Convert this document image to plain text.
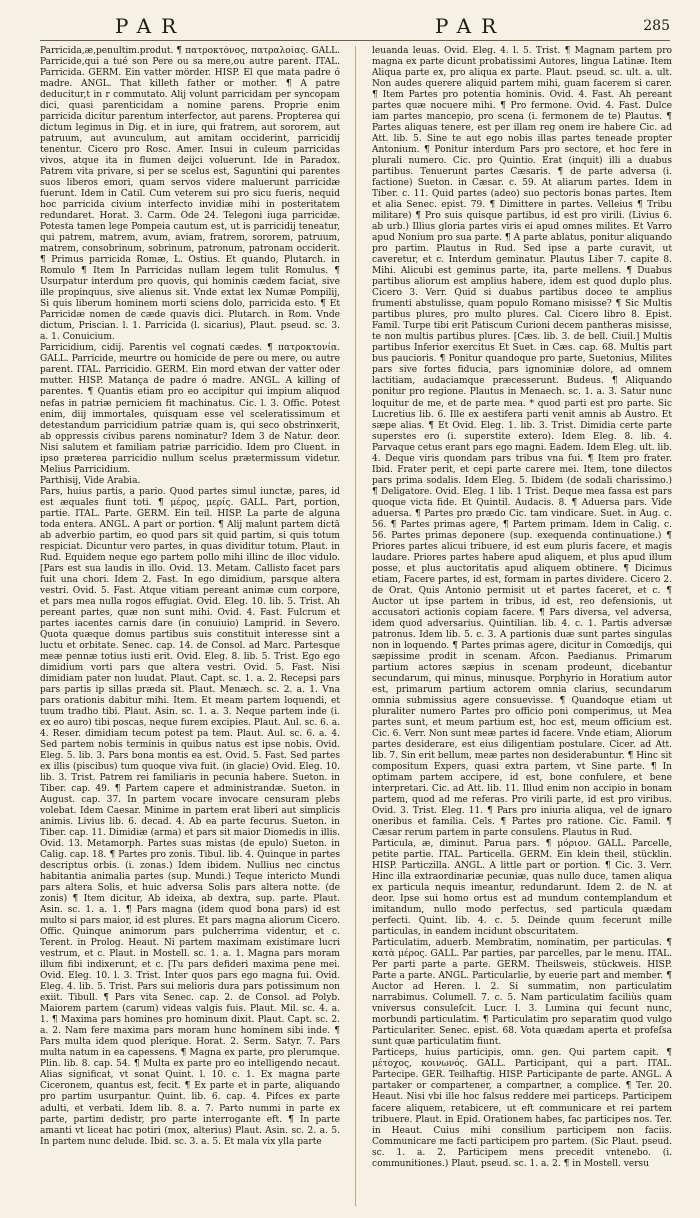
PAR	PAR	285

Parricida,æ,penultim.produt. ¶ πατροκτόνος, πατραλοίας. GALL. Parricide,qui a tué son Pere ou sa mere,ou autre parent. ITAL. Parricida. GERM. Ein vatter mörder. HISP. El que mata padre ó madre. ANGL. That killeth father or mother. ¶ A patre deducitur,t in r commutato. Alij volunt parricidam per syncopam dici, quasi parenticidam a nomine parens. Proprie enim parricida dicitur parentum interfector, aut parens. Propterea qui dictum legimus in Dig. et in iure, qui fratrem, aut sororem, aut patruum, aut avunculum, aut amitam occiderint, parricidij tenentur. Cicero pro Rosc. Amer. Insui in culeum parricidas vivos, atque ita in flumen deijci voluerunt. Ide in Paradox. Patrem vita privare, si per se scelus est, Saguntini qui parentes suos liberos emori, quam servos videre maluerunt parricidæ fuerunt. Idem in Catil. Cum veterem sui pro sicu fueris, nequid hoc parricida civium interfecto invidiæ mihi in posteritatem redundaret. Horat. 3. Carm. Ode 24. Telegoni iuga parricidæ. Potesta tamen lege Pompeia cautum est, ut is parricidij teneatur, qui patrem, matrem, avum, aviam, fratrem, sororem, patruum, matrem, consobrinum, sobrinum, patronum, patronam occiderit. ¶ Primus parricida Romæ, L. Ostius. Et quando, Plutarch. in Romulo ¶ Item In Parricidas nullam legem tulit Romulus. ¶ Usurpatur interdum pro quovis, qui hominis cædem faciat, sive ille propinquus, sive alienus sit. Vnde extat lex Numæ Pompilij, Si quis liberum hominem morti sciens dolo, parricida esto. ¶ Et Parricidæ nomen de cæde quavis dici. Plutarch. in Rom. Vnde dictum, Priscian. l. 1. Parricida (l. sicarius), Plaut. pseud. sc. 3. a. 1. Conuicium.

Parricidium, cidij. Parentis vel cognati cædes. ¶ πατροκτονία. GALL. Parricide, meurtre ou homicide de pere ou mere, ou autre parent. ITAL. Parricidio. GERM. Ein mord etwan der vatter oder mutter. HISP. Matança de padre ó madre. ANGL. A killing of parentes. ¶ Quantis etiam pro eo accipitur qui impium aliquod nefas in patriæ perniciem fit machinatus. Cic. l. 3. Offic. Potest enim, diij immortales, quisquam esse vel sceleratissimum et detestandum parricidium patriæ quam is, qui seco obstrinxerit, ab oppressis civibus parens nominatur? Idem 3 de Natur. deor. Nisi salutem et familiam patriæ parricidio. Idem pro Cluent. in ipso præterea parricidio nullum scelus prætermissum videtur. Melius Parricidium.

Parthisij, Vide Arabia.

Pars, huius partis, a pario. Quod partes simul iunctæ, pares, id est æquales fiunt toti. ¶ μέρος, μερίς. GALL. Part, portion, partie. ITAL. Parte. GERM. Ein teil. HISP. La parte de alguna toda entera. ANGL. A part or portion. ¶ Alij malunt partem dictā ab adverbio partim, eo quod pars sit quid partim, si quis totum respiciat. Dicuntur vero partes, in quas dividitur totum. Plaut. in Rud. Equidem neque ego partem pollo mihi illinc de illoc vidulo. [Pars est sua laudis in illo. Ovid. 13. Metam. Callisto facet pars fuit una chori. Idem 2. Fast. In ego dimidium, parsque altera vestri. Ovid. 5. Fast. Atque vitiam pereant animæ cum corpore, et pars mea nulla rogos effugiat. Ovid. Eleg. 10. lib. 5. Trist. Ah pereant partes, quæ non sunt mihi. Ovid. 4. Fast. Fulcrum et partes iacentes carnis dare (in conuiuio) Lamprid. in Severo. Quota quæque domus partibus suis constituit interesse sint a luctu et orbitate. Senec. cap. 14. de Consol. ad Marc. Partesque meæ pennæ totius iusti erit. Ovid. Eleg. 8. lib. 5. Trist. Ego ego dimidium vorti pars que altera vestri. Ovid. 5. Fast. Nisi dimidiam pater non luudat. Plaut. Capt. sc. 1. a. 2. Recepsi pars pars partis ip sillas præda sit. Plaut. Menæch. sc. 2. a. 1. Vna pars orationis dabitur mihi. Item. Et meam partem loquendi, et tuum tradho tibi. Plaut. Asin. sc. 1. a. 3. Neque partem inde (i. ex eo auro) tibi poscas, neque furem excipies. Plaut. Aul. sc. 6. a. 4. Reser. dimidiam tecum potest pa tem. Plaut. Aul. sc. 6. a. 4. Sed partem nobis terminis in quibus natus est ipse nobis. Ovid. Eleg. 5. lib. 3. Pars bona montis ea est. Ovid. 5. Fast. Sed partes ex illis (piscibus) tum quoque viva fuit. (in glacie) Ovid. Eleg. 10. lib. 3. Trist. Patrem rei familiaris in pecunia habere. Sueton. in Tiber. cap. 49. ¶ Partem capere et administrandæ. Sueton. in August. cap. 37. In partem vocare invocare censuram plebs volebat. Idem Caesar. Minime in partem erat liberi aut simplicis animis. Livius lib. 6. decad. 4. Ab ea parte fecurus. Sueton. in Tiber. cap. 11. Dimidiæ (arma) et pars sit maior Diomedis in illis. Ovid. 13. Metamorph. Partes suas mistas (de epulo) Sueton. in Calig. cap. 18. ¶ Partes pro zonis. Tibul. lib. 4. Quinque in partes descriptus orbis. (i. zonas.) Idem ibidem. Nullius nec cinctus habitantia animalia partes (sup. Mundi.) Teque intericto Mundi pars altera Solis, et huic adversa Solis pars altera notte. (de zonis) ¶ Item dicitur, Ab ideixa, ab dextra, sup. parte. Plaut. Asin. sc. 1. a. 1. ¶ Pars magna (idem quod bona pars) id est multo si pars maior, id est plures. Et pars magna aliorum Cicero. Offic. Quinque animorum pars pulcherrima videntur, et c. Terent. in Prolog. Heaut. Ni partem maximam existimare lucri vestrum, et c. Plaut. in Mostell. sc. 1. a. 1. Magna pars moram illum fibi indixerunt, et c. [Tu pars defideri maxima pene mei. Ovid. Eleg. 10. l. 3. Trist. Inter quos pars ego magna fui. Ovid. Eleg. 4. lib. 5. Trist. Pars sui melioris dura pars potissimum non exiit. Tibull. ¶ Pars vita Senec. cap. 2. de Consol. ad Polyb. Maiorem partem (carum) videas valgis fuis. Plaut. Mil. sc. 4. a. 1. ¶ Maxima pars homines pro hominum dixit. Plaut. Capt. sc. 2. a. 2. Nam fere maxima pars moram hunc hominem sibi inde. ¶ Pars multa idem quod plerique. Horat. 2. Serm. Satyr. 7. Pars multa natum in ea capessens. ¶ Magna ex parte, pro plerumque. Plin. lib. 8. cap. 54. ¶ Multa ex parte pro eo intelligendo necaut. Alias significat, vt sonat Quint. l. 10. c. 1. Ex magna parte Ciceronem, quantus est, fecit. ¶ Ex parte et in parte, aliquando pro partim usurpantur. Quint. lib. 6. cap. 4. Pifces ex parte adulti, et verbati. Idem lib. 8. a. 7. Parto nummi in parte ex parte, partim dedistr, pro parte interrogante eft. ¶ In parte amanti vt liceat hac potiri (mox, alterius) Plaut. Asin. sc. 2. a. 5. In partem nunc delude. Ibid. sc. 3. a. 5. Et mala vix ylla parte

leuanda leuas. Ovid. Eleg. 4. l. 5. Trist. ¶ Magnam partem pro magna ex parte dicunt probatissimi Autores, lingua Latinæ. Item Aliqua parte ex, pro aliqua ex parte. Plaut. pseud. sc. ult. a. ult. Non audes querere aliquid partem mihi, guam facerem si carer. ¶ Item Partes pro potentia hominis. Ovid. 4. Fast. Ah pereant partes quæ nocuere mihi. ¶ Pro fermone. Ovid. 4. Fast. Dulce iam partes mancepio, pro scena (i. fermonem de te) Plautus. ¶ Partes aliquas tenere, est per illam reg onem ire habere Cic. ad Att. lib. 5. Sine te aut ego nobis illas partes teneade propter Antonium. ¶ Ponitur interdum Pars pro sectore, et hoc fere in plurali numero. Cic. pro Quintio. Erat (inquit) illi a duabus partibus. Tenuerunt partes Cæsaris. ¶ de parte adversa (i. factione) Sueton. in Cæsar. c. 59. At aliarum partes. Idem in Tiber. c. 11. Quid partes (adeo) suo pectoris bonas partes. Item et alia Senec. epist. 79. ¶ Dimittere in partes. Velleius ¶ Tribu militare) ¶ Pro suis quisque partibus, id est pro virili. (Livius 6. ab urb.) Illius gloria partes viris ei apud omnes milites. Et Varro apud Nonium pro sua parte. ¶ A parte ablatus, ponitur aliquando pro partim. Plautus in Rud. Sed ipse a parte curavit, ut caveretur, et c. Interdum geminatur. Plautus Liber 7. capite 8. Mihi. Alicubi est geminus parte, ita, parte mellens. ¶ Duabus partibus aliorum est amplius habere, idem est quod duplo plus. Cicero 3. Verr. Quid si duabus partibus doceo te amplius frumenti abstulisse, quam populo Romano misisse? ¶ Sic Multis partibus plures, pro multo plures. Cal. Cicero libro 8. Epist. Famil. Turpe tibi erit Patiscum Curioni decem pantheras misisse, te non multis partibus plures. [Cæs. lib. 3. de bell. Ciuil.] Multis partibus Inferior exercitus Et Suet. in Cæs. cap. 68. Multis part bus paucioris. ¶ Ponitur quandoque pro parte, Suetonius, Milites pars sive fortes fiducia, pars ignominiæ dolore, ad omnem lactitiam, audaciamque præcesserunt. Budeus. ¶ Aliquando ponitur pro regione. Plautus in Menaech. sc. 1. a. 3. Satur nunc loquitur de me, et de parte mea. * quod parti est pro parte. Sic Lucretius lib. 6. Ille ex aestifera parti venit amnis ab Austro. Et sæpe alias. ¶ Et Ovid. Eleg. 1. lib. 3. Trist. Dimidia certe parte superstes ero (i. superstite extero). Idem Eleg. 8. lib. 4. Parvaque cetus erant pars ego magni. Eadem. Idem Eleg. ult. lib. 4. Deque viris quondam pars tribus vna fui. ¶ Item pro frater. Ibid. Frater perit, et cepi parte carere mei. Item, tone dilectos pars prima sodalis. Idem Eleg. 5. Ibidem (de sodali charissimo.) ¶ Deligatore. Ovid. Eleg. 1 lib. 1 Trist. Deque mea fassa est pars quoque victa fide. Et Quintil. Audacis. 8. ¶ Aduersa pars. Vide aduersa. ¶ Partes pro prædo Cic. tam vindicare. Suet. in Aug. c. 56. ¶ Partes primas agere, ¶ Partem primam. Idem in Calig. c. 56. Partes primas deponere (sup. exequenda continuatione.) ¶ Priores partes alicui tribuere, id est eum pluris facere, et magis laudare. Priores partes habere apud aliquem, et plus apud illum posse, et plus auctoritatis apud aliquem obtinere. ¶ Dicimus etiam, Facere partes, id est, formam in partes dividere. Cicero 2. de Orat. Quis Antonio permisit ut et partes faceret, et c. ¶ Auctor ut ipse partem in tribus, id est, reo defensionis, ut accusatori actionis copiam facere. ¶ Pars diversa, vel adversa, idem quod adversarius. Quintilian. lib. 4. c. 1. Partis adversæ patronus. Idem lib. 5. c. 3. A partionis duæ sunt partes singulas non in loquendo. ¶ Partes primas agere, dicitur in Comœdijs, qui sæpissime prodit in scenam. Afcon. Paedianus. Primarum partium actores sæpius in scenam prodeunt, dicebantur secundarum, qui minus, minusque. Porphyrio in Horatium autor est, primarum partium actorem omnia clarius, secundarum omnia submissius agere consuevisse. ¶ Quandoque etiam ut pluraliter numero Partes pro officio poni comperimus, ut Mea partes sunt, et meum partium est, hoc est, meum officium est. Cic. 6. Verr. Non sunt meæ partes id facere. Vnde etiam, Aliorum partes desiderare, est eius diligentiam postulare. Cicer. ad Att. lib. 7. Sin erit bellum, meæ partes non desiderabuntur. ¶ Hinc sit compositum Expers, quasi extra partem, vt Sine parte. ¶ In optimam partem accipere, id est, bone confulere, et bene interpretari. Cic. ad Att. lib. 11. Illud enim non accipio in bonam partem, quod ad me referas. Pro virili parte, id est pro viribus. Ovid. 3. Trist. Eleg. 11. ¶ Pars pro iniuria aliqua, vel de ignaro oneribus et familia. Cels. ¶ Partes pro ratione. Cic. Famil. ¶ Cæsar rerum partem in parte consulens. Plautus in Rud.

Particula, æ, diminut. Parua pars. ¶ μόριον. GALL. Parcelle, petite partie. ITAL. Particella. GERM. Ein klein theil, stücklin. HISP. Particzilla. ANGL. A little part or portion. ¶ Cic. 3. Verr. Hinc illa extraordinariæ pecuniæ, quas nullo duce, tamen aliqua ex particula nequis imeantur, redundarunt. Idem 2. de N. at deor. Ipse sui homo ortus est ad mundum contemplandum et imitandum, nullo modo perfectus, sed particula quædam perfecti. Quint. lib. 4. c. 5. Deinde quum fecerunt mille particulas, in eandem incidunt obscuritatem.

Particulatim, aduerb. Membratim, nominatim, per particulas. ¶ κατὰ μέρος. GALL. Par parties, par parcelles, par le menu. ITAL. Per parti parte a parte. GERM. Theilsweis, stückweis. HISP. Parte a parte. ANGL. Particularlie, by euerie part and member. ¶ Auctor ad Heren. l. 2. Si summatim, non particulatim narrabimus. Columell. 7. c. 5. Nam particulatim faciliùs quam vniversus consuleſcit. Lucr. l. 3. Lumina qui fecunt nunc, morbundi particulatim. ¶ Particulatim pro separatim quod vulgo Particulariter. Senec. epist. 68. Vota quædam aperta et profeſsa sunt quæ particulatim fiunt.

Particeps, huius participis, omn. gen. Qui partem capit. ¶ μέτοχος, κοινωνός. GALL. Participant, qui a part. ITAL. Partecipe. GER. Teilhaftig. HISP. Participante de parte. ANGL. A partaker or compartener, a compartner, a complice. ¶ Ter. 20. Heaut. Nisi vbi ille hoc falsus reddere mei particeps. Participem facere aliquem, retabicere, ut eft communicare et rei partem tribuere. Plaut. in Epid. Orationem habes, fac participes nos. Ter. in Heaut. Cuius mihi consilium participem non faciis. Communicare me facti participem pro partem. (Sic Plaut. pseud. sc. 1. a. 2. Participem mens precedit vntenebo. (i. communitiones.) Plaut. pseud. sc. 1. a. 2. ¶ in Mostell. versu
